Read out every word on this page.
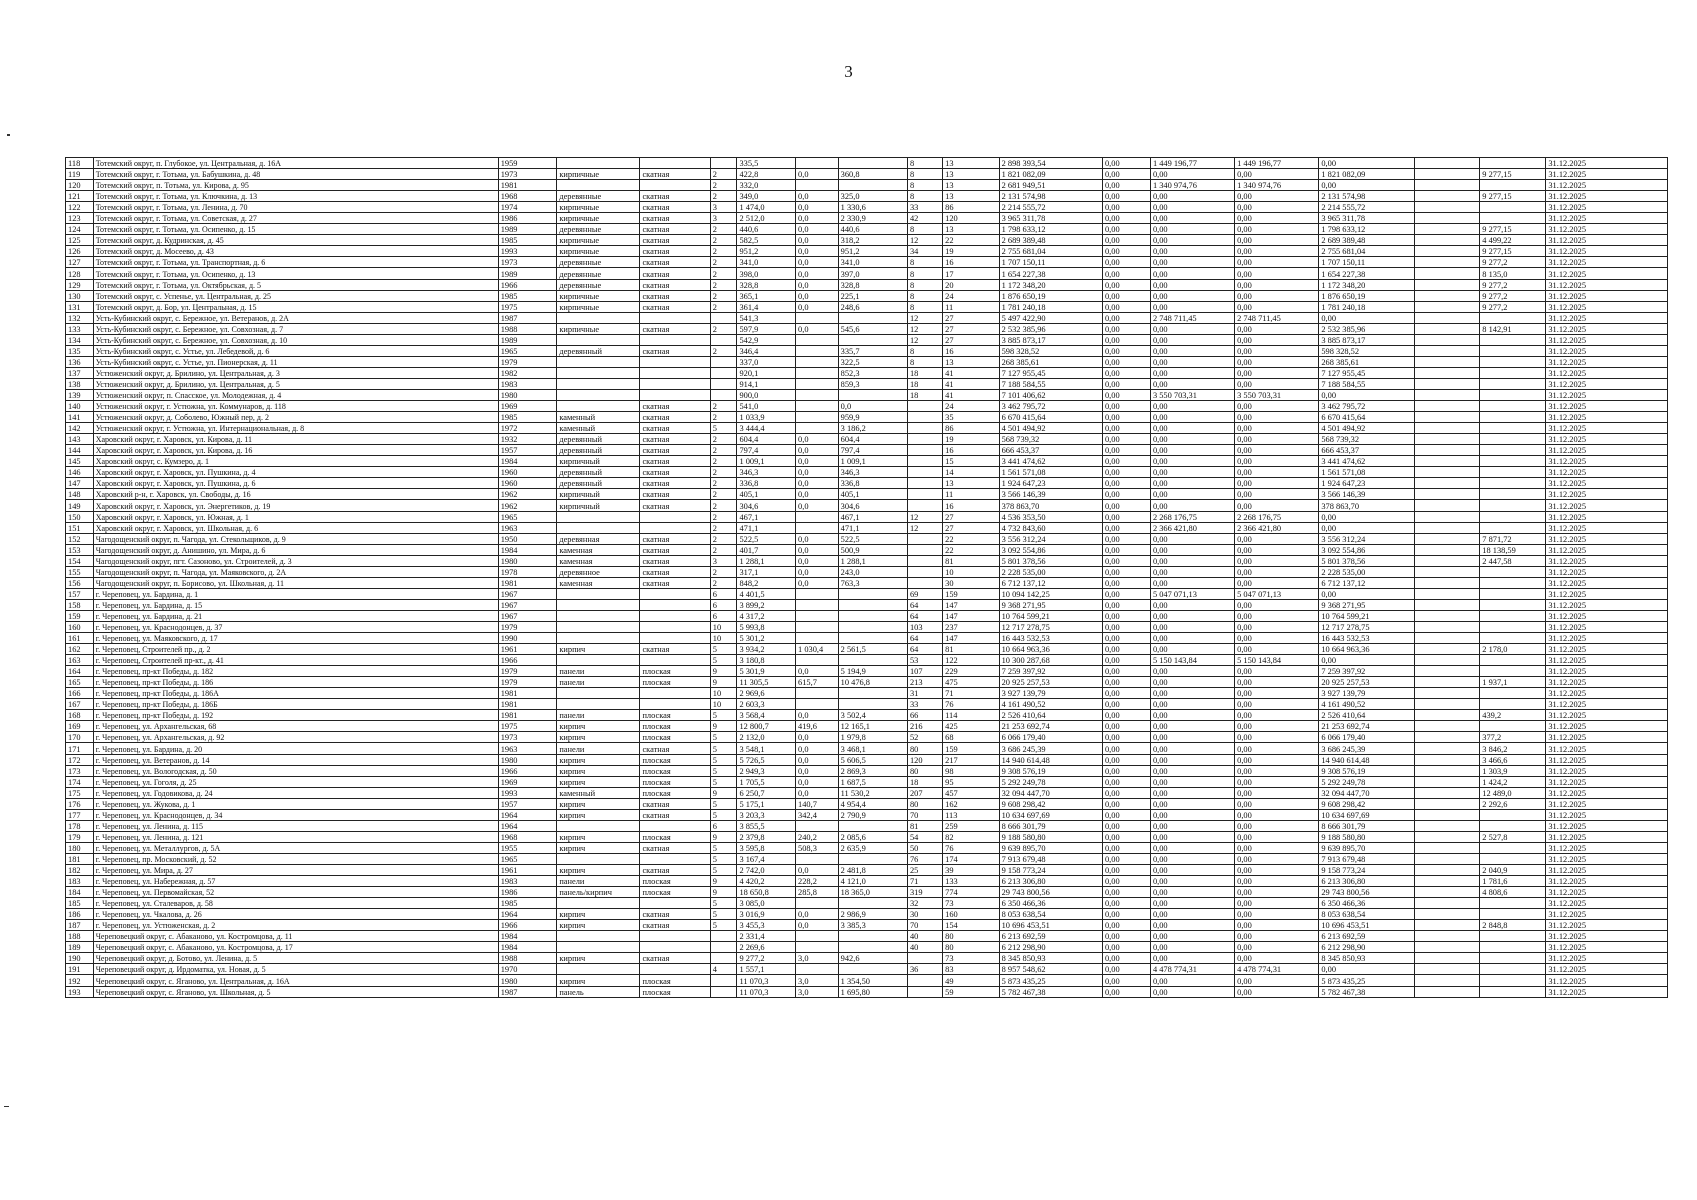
3
118	Тотемский округ, п. Глубокое, ул. Центральная, д. 16А	1959				335,5			8	13	2 898 393,54	0,00	1 449 196,77	1 449 196,77	0,00			31.12.2025
119	Тотемский округ, г. Тотьма, ул. Бабушкина, д. 48	1973	кирпичные	скатная	2	422,8	0,0	360,8	8	13	1 821 082,09	0,00	0,00	0,00	1 821 082,09		9 277,15	31.12.2025
120	Тотемский округ, п. Тотьма, ул. Кирова, д. 95	1981			2	332,0			8	13	2 681 949,51	0,00	1 340 974,76	1 340 974,76	0,00			31.12.2025
121	Тотемский округ, г. Тотьма, ул. Ключкина, д. 13	1968	деревянные	скатная	2	349,0	0,0	325,0	8	13	2 131 574,98	0,00	0,00	0,00	2 131 574,98		9 277,15	31.12.2025
122	Тотемский округ, г. Тотьма, ул. Ленина, д. 70	1974	кирпичные	скатная	3	1 474,0	0,0	1 330,6	33	86	2 214 555,72	0,00	0,00	0,00	2 214 555,72			31.12.2025
123	Тотемский округ, г. Тотьма, ул. Советская, д. 27	1986	кирпичные	скатная	3	2 512,0	0,0	2 330,9	42	120	3 965 311,78	0,00	0,00	0,00	3 965 311,78			31.12.2025
124	Тотемский округ, г. Тотьма, ул. Осипенко, д. 15	1989	деревянные	скатная	2	440,6	0,0	440,6	8	13	1 798 633,12	0,00	0,00	0,00	1 798 633,12		9 277,15	31.12.2025
125	Тотемский округ, д. Кудринская, д. 45	1985	кирпичные	скатная	2	582,5	0,0	318,2	12	22	2 689 389,48	0,00	0,00	0,00	2 689 389,48		4 499,22	31.12.2025
126	Тотемский округ, д. Мосеево, д. 43	1993	кирпичные	скатная	2	951,2	0,0	951,2	34	19	2 755 681,04	0,00	0,00	0,00	2 755 681,04		9 277,15	31.12.2025
127	Тотемский округ, г. Тотьма, ул. Транспортная, д. 6	1973	деревянные	скатная	2	341,0	0,0	341,0	8	16	1 707 150,11	0,00	0,00	0,00	1 707 150,11		9 277,2	31.12.2025
128	Тотемский округ, г. Тотьма, ул. Осипенко, д. 13	1989	деревянные	скатная	2	398,0	0,0	397,0	8	17	1 654 227,38	0,00	0,00	0,00	1 654 227,38		8 135,0	31.12.2025
129	Тотемский округ, г. Тотьма, ул. Октябрьская, д. 5	1966	деревянные	скатная	2	328,8	0,0	328,8	8	20	1 172 348,20	0,00	0,00	0,00	1 172 348,20		9 277,2	31.12.2025
130	Тотемский округ, с. Успенье, ул. Центральная, д. 25	1985	кирпичные	скатная	2	365,1	0,0	225,1	8	24	1 876 650,19	0,00	0,00	0,00	1 876 650,19		9 277,2	31.12.2025
131	Тотемский округ, д. Бор, ул. Центральная, д. 15	1975	кирпичные	скатная	2	361,4	0,0	248,6	8	11	1 781 240,18	0,00	0,00	0,00	1 781 240,18		9 277,2	31.12.2025
132	Усть-Кубинский округ, с. Бережное, ул. Ветеранов, д. 2А	1987				541,3			12	27	5 497 422,90	0,00	2 748 711,45	2 748 711,45	0,00			31.12.2025
133	Усть-Кубинский округ, с. Бережное, ул. Совхозная, д. 7	1988	кирпичные	скатная	2	597,9	0,0	545,6	12	27	2 532 385,96	0,00	0,00	0,00	2 532 385,96		8 142,91	31.12.2025
134	Усть-Кубинский округ, с. Бережное, ул. Совхозная, д. 10	1989				542,9			12	27	3 885 873,17	0,00	0,00	0,00	3 885 873,17			31.12.2025
135	Усть-Кубинский округ, с. Устье, ул. Лебедевой, д. 6	1965	деревянный	скатная	2	346,4		335,7	8	16	598 328,52	0,00	0,00	0,00	598 328,52			31.12.2025
136	Усть-Кубинский округ, с. Устье, ул. Пионерская, д. 11	1979				337,0		322,5	8	13	268 385,61	0,00	0,00	0,00	268 385,61			31.12.2025
137	Устюженский округ, д. Брилино, ул. Центральная, д. 3	1982				920,1		852,3	18	41	7 127 955,45	0,00	0,00	0,00	7 127 955,45			31.12.2025
138	Устюженский округ, д. Брилино, ул. Центральная, д. 5	1983				914,1		859,3	18	41	7 188 584,55	0,00	0,00	0,00	7 188 584,55			31.12.2025
139	Устюженский округ, п. Спасское, ул. Молодежная, д. 4	1980				900,0			18	41	7 101 406,62	0,00	3 550 703,31	3 550 703,31	0,00			31.12.2025
140	Устюженский округ, г. Устюжна, ул. Коммунаров, д. 118	1969		скатная	2	541,0		0,0		24	3 462 795,72	0,00	0,00	0,00	3 462 795,72			31.12.2025
141	Устюженский округ, д. Соболево, Южный пер, д. 2	1985	каменный	скатная	2	1 033,9		959,9		35	6 670 415,64	0,00	0,00	0,00	6 670 415,64			31.12.2025
142	Устюженский округ, г. Устюжна, ул. Интернациональная, д. 8	1972	каменный	скатная	5	3 444,4		3 186,2		86	4 501 494,92	0,00	0,00	0,00	4 501 494,92			31.12.2025
143	Харовский округ, г. Харовск, ул. Кирова, д. 11	1932	деревянный	скатная	2	604,4	0,0	604,4		19	568 739,32	0,00	0,00	0,00	568 739,32			31.12.2025
144	Харовский округ, г. Харовск, ул. Кирова, д. 16	1957	деревянный	скатная	2	797,4	0,0	797,4		16	666 453,37	0,00	0,00	0,00	666 453,37			31.12.2025
145	Харовский округ, с. Кумзеро, д. 1	1984	кирпичный	скатная	2	1 009,1	0,0	1 009,1		15	3 441 474,62	0,00	0,00	0,00	3 441 474,62			31.12.2025
146	Харовский округ, г. Харовск, ул. Пушкина, д. 4	1960	деревянный	скатная	2	346,3	0,0	346,3		14	1 561 571,08	0,00	0,00	0,00	1 561 571,08			31.12.2025
147	Харовский округ, г. Харовск, ул. Пушкина, д. 6	1960	деревянный	скатная	2	336,8	0,0	336,8		13	1 924 647,23	0,00	0,00	0,00	1 924 647,23			31.12.2025
148	Харовский р-н, г. Харовск, ул. Свободы, д. 16	1962	кирпичный	скатная	2	405,1	0,0	405,1		11	3 566 146,39	0,00	0,00	0,00	3 566 146,39			31.12.2025
149	Харовский округ, г. Харовск, ул. Энергетиков, д. 19	1962	кирпичный	скатная	2	304,6	0,0	304,6		16	378 863,70	0,00	0,00	0,00	378 863,70			31.12.2025
150	Харовский округ, г. Харовск, ул. Южная, д. 1	1965			2	467,1		467,1	12	27	4 536 353,50	0,00	2 268 176,75	2 268 176,75	0,00			31.12.2025
151	Харовский округ, г. Харовск, ул. Школьная, д. 6	1963			2	471,1		471,1	12	27	4 732 843,60	0,00	2 366 421,80	2 366 421,80	0,00			31.12.2025
152	Чагодощенский округ, п. Чагода, ул. Стекольщиков, д. 9	1950	деревянная	скатная	2	522,5	0,0	522,5		22	3 556 312,24	0,00	0,00	0,00	3 556 312,24		7 871,72	31.12.2025
153	Чагодощенский округ, д. Анишино, ул. Мира, д. 6	1984	каменная	скатная	2	401,7	0,0	500,9		22	3 092 554,86	0,00	0,00	0,00	3 092 554,86		18 138,59	31.12.2025
154	Чагодощенский округ, пгт. Сазоново, ул. Строителей, д. 3	1980	каменная	скатная	3	1 288,1	0,0	1 288,1		81	5 801 378,56	0,00	0,00	0,00	5 801 378,56		2 447,58	31.12.2025
155	Чагодощенский округ, п. Чагода, ул. Маяковского, д. 2А	1978	деревянное	скатная	2	317,1	0,0	243,0		10	2 228 535,00	0,00	0,00	0,00	2 228 535,00			31.12.2025
156	Чагодощенский округ, п. Борисово, ул. Школьная, д. 11	1981	каменная	скатная	2	848,2	0,0	763,3		30	6 712 137,12	0,00	0,00	0,00	6 712 137,12			31.12.2025
157	г. Череповец, ул. Бардина, д. 1	1967			6	4 401,5			69	159	10 094 142,25	0,00	5 047 071,13	5 047 071,13	0,00			31.12.2025
158	г. Череповец, ул. Бардина, д. 15	1967			6	3 899,2			64	147	9 368 271,95	0,00	0,00	0,00	9 368 271,95			31.12.2025
159	г. Череповец, ул. Бардина, д. 21	1967			6	4 317,2			64	147	10 764 599,21	0,00	0,00	0,00	10 764 599,21			31.12.2025
160	г. Череповец, ул. Краснодонцев, д. 37	1979			10	5 993,8			103	237	12 717 278,75	0,00	0,00	0,00	12 717 278,75			31.12.2025
161	г. Череповец, ул. Маяковского, д. 17	1990			10	5 301,2			64	147	16 443 532,53	0,00	0,00	0,00	16 443 532,53			31.12.2025
162	г. Череповец, Строителей пр., д. 2	1961	кирпич	скатная	5	3 934,2	1 030,4	2 561,5	64	81	10 664 963,36	0,00	0,00	0,00	10 664 963,36		2 178,0	31.12.2025
163	г. Череповец, Строителей пр-кт., д. 41	1966			5	3 180,8			53	122	10 300 287,68	0,00	5 150 143,84	5 150 143,84	0,00			31.12.2025
164	г. Череповец, пр-кт Победы, д. 182	1979	панели	плоская	9	5 301,9	0,0	5 194,9	107	229	7 259 397,92	0,00	0,00	0,00	7 259 397,92			31.12.2025
165	г. Череповец, пр-кт Победы, д. 186	1979	панели	плоская	9	11 305,5	615,7	10 476,8	213	475	20 925 257,53	0,00	0,00	0,00	20 925 257,53		1 937,1	31.12.2025
166	г. Череповец, пр-кт Победы, д. 186А	1981			10	2 969,6			31	71	3 927 139,79	0,00	0,00	0,00	3 927 139,79			31.12.2025
167	г. Череповец, пр-кт Победы, д. 186Б	1981			10	2 603,3			33	76	4 161 490,52	0,00	0,00	0,00	4 161 490,52			31.12.2025
168	г. Череповец, пр-кт Победы, д. 192	1981	панели	плоская	5	3 568,4	0,0	3 502,4	66	114	2 526 410,64	0,00	0,00	0,00	2 526 410,64		439,2	31.12.2025
169	г. Череповец, ул. Архангельская, 68	1975	кирпич	плоская	9	12 800,7	419,6	12 165,1	216	425	21 253 692,74	0,00	0,00	0,00	21 253 692,74			31.12.2025
170	г. Череповец, ул. Архангельская, д. 92	1973	кирпич	плоская	5	2 132,0	0,0	1 979,8	52	68	6 066 179,40	0,00	0,00	0,00	6 066 179,40		377,2	31.12.2025
171	г. Череповец, ул. Бардина, д. 20	1963	панели	скатная	5	3 548,1	0,0	3 468,1	80	159	3 686 245,39	0,00	0,00	0,00	3 686 245,39		3 846,2	31.12.2025
172	г. Череповец, ул. Ветеранов, д. 14	1980	кирпич	плоская	5	5 726,5	0,0	5 606,5	120	217	14 940 614,48	0,00	0,00	0,00	14 940 614,48		3 466,6	31.12.2025
173	г. Череповец, ул. Вологодская, д. 50	1966	кирпич	плоская	5	2 949,3	0,0	2 869,3	80	98	9 308 576,19	0,00	0,00	0,00	9 308 576,19		1 303,9	31.12.2025
174	г. Череповец, ул. Гоголя, д. 25	1969	кирпич	плоская	5	1 705,5	0,0	1 687,5	18	95	5 292 249,78	0,00	0,00	0,00	5 292 249,78		1 424,2	31.12.2025
175	г. Череповец, ул. Годовикова, д. 24	1993	каменный	плоская	9	6 250,7	0,0	11 530,2	207	457	32 094 447,70	0,00	0,00	0,00	32 094 447,70		12 489,0	31.12.2025
176	г. Череповец, ул. Жукова, д. 1	1957	кирпич	скатная	5	5 175,1	140,7	4 954,4	80	162	9 608 298,42	0,00	0,00	0,00	9 608 298,42		2 292,6	31.12.2025
177	г. Череповец, ул. Краснодонцев, д. 34	1964	кирпич	скатная	5	3 203,3	342,4	2 790,9	70	113	10 634 697,69	0,00	0,00	0,00	10 634 697,69			31.12.2025
178	г. Череповец, ул. Ленина, д. 115	1964			6	3 855,5			81	259	8 666 301,79	0,00	0,00	0,00	8 666 301,79			31.12.2025
179	г. Череповец, ул. Ленина, д. 121	1968	кирпич	плоская	9	2 379,8	240,2	2 085,6	54	82	9 188 580,80	0,00	0,00	0,00	9 188 580,80		2 527,8	31.12.2025
180	г. Череповец, ул. Металлургов, д. 5А	1955	кирпич	скатная	5	3 595,8	508,3	2 635,9	50	76	9 639 895,70	0,00	0,00	0,00	9 639 895,70			31.12.2025
181	г. Череповец, пр. Московский, д. 52	1965			5	3 167,4			76	174	7 913 679,48	0,00	0,00	0,00	7 913 679,48			31.12.2025
182	г. Череповец, ул. Мира, д. 27	1961	кирпич	скатная	5	2 742,0	0,0	2 481,8	25	39	9 158 773,24	0,00	0,00	0,00	9 158 773,24		2 040,9	31.12.2025
183	г. Череповец, ул. Набережная, д. 57	1983	панели	плоская	9	4 420,2	228,2	4 121,0	71	133	6 213 306,80	0,00	0,00	0,00	6 213 306,80		1 781,6	31.12.2025
184	г. Череповец, ул. Первомайская, 52	1986	панель/кирпич	плоская	9	18 650,8	285,8	18 365,0	319	774	29 743 800,56	0,00	0,00	0,00	29 743 800,56		4 808,6	31.12.2025
185	г. Череповец, ул. Сталеваров, д. 58	1985			5	3 085,0			32	73	6 350 466,36	0,00	0,00	0,00	6 350 466,36			31.12.2025
186	г. Череповец, ул. Чкалова, д. 26	1964	кирпич	скатная	5	3 016,9	0,0	2 986,9	30	160	8 053 638,54	0,00	0,00	0,00	8 053 638,54			31.12.2025
187	г. Череповец, ул. Устюженская, д. 2	1966	кирпич	скатная	5	3 455,3	0,0	3 385,3	70	154	10 696 453,51	0,00	0,00	0,00	10 696 453,51		2 848,8	31.12.2025
188	Череповецкий округ, с. Абаканово, ул. Костромцова, д. 11	1984				2 331,4			40	80	6 213 692,59	0,00	0,00	0,00	6 213 692,59			31.12.2025
189	Череповецкий округ, с. Абаканово, ул. Костромцова, д. 17	1984				2 269,6			40	80	6 212 298,90	0,00	0,00	0,00	6 212 298,90			31.12.2025
190	Череповецкий округ, д. Ботово, ул. Ленина, д. 5	1988	кирпич	скатная		9 277,2	3,0	942,6		73	8 345 850,93	0,00	0,00	0,00	8 345 850,93			31.12.2025
191	Череповецкий округ, д. Ирдоматка, ул. Новая, д. 5	1970			4	1 557,1			36	83	8 957 548,62	0,00	4 478 774,31	4 478 774,31	0,00			31.12.2025
192	Череповецкий округ, с. Яганово, ул. Центральная, д. 16А	1980	кирпич	плоская		11 070,3	3,0	1 354,50		49	5 873 435,25	0,00	0,00	0,00	5 873 435,25			31.12.2025
193	Череповецкий округ, с. Яганово, ул. Школьная, д. 5	1987	панель	плоская		11 070,3	3,0	1 695,80		59	5 782 467,38	0,00	0,00	0,00	5 782 467,38			31.12.2025
